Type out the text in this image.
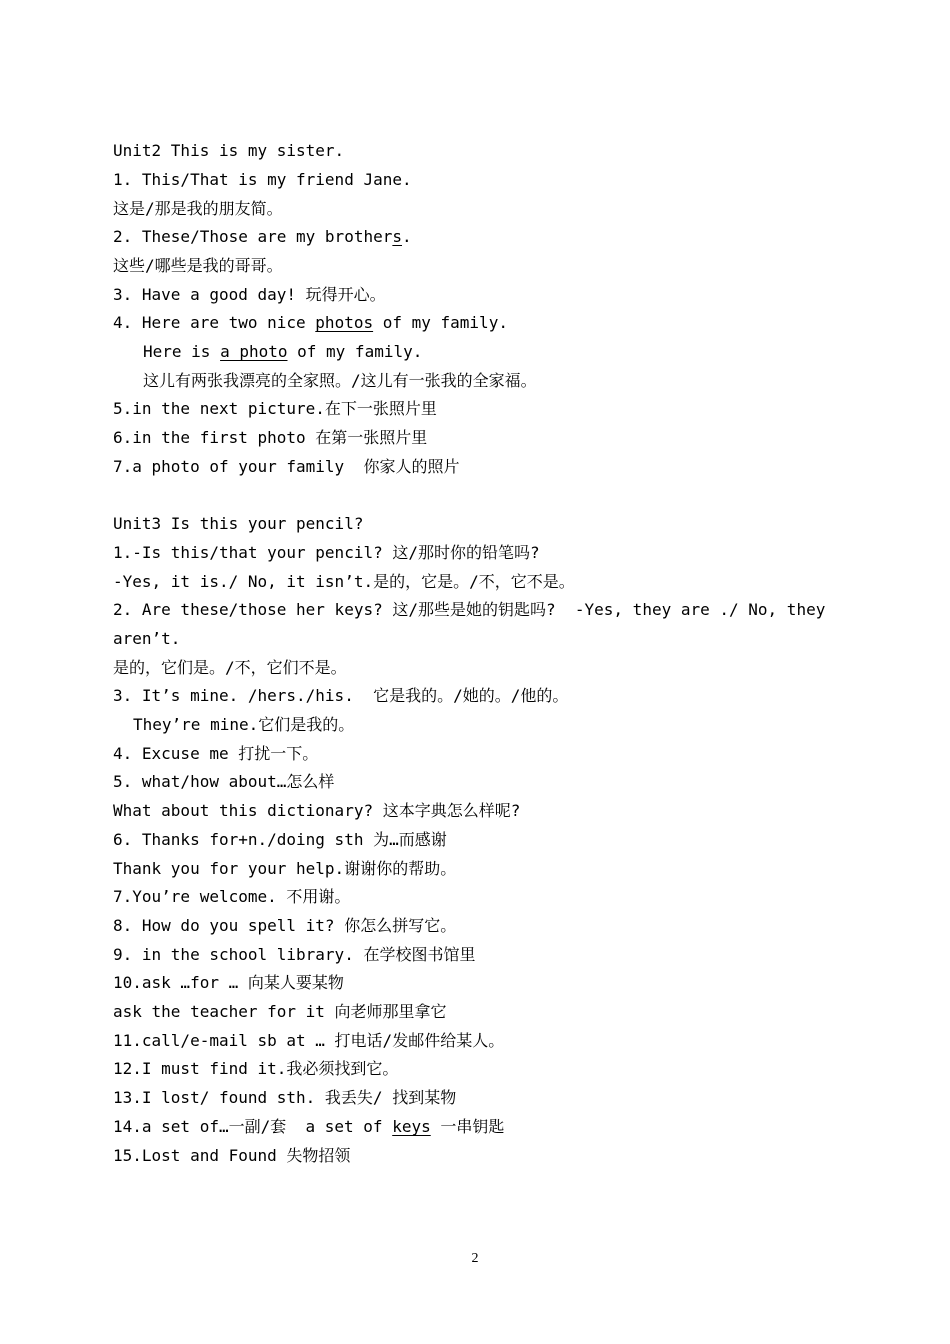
Unit2 This is my sister.
1. This/That is my friend Jane.
这是/那是我的朋友简。
2. These/Those are my brothers.
这些/哪些是我的哥哥。
3. Have a good day! 玩得开心。
4. Here are two nice photos of my family.
Here is a photo of my family.
这儿有两张我漂亮的全家照。/这儿有一张我的全家福。
5.in the next picture.在下一张照片里
6.in the first photo 在第一张照片里
7.a photo of your family  你家人的照片
Unit3 Is this your pencil?
1.-Is this/that your pencil? 这/那时你的铅笔吗?
-Yes, it is./ No, it isn’t.是的，它是。/不，它不是。
2. Are these/those her keys? 这/那些是她的钥匙吗?  -Yes, they are ./ No, they
aren’t.
是的，它们是。/不，它们不是。
3. It’s mine. /hers./his.  它是我的。/她的。/他的。
They’re mine.它们是我的。
4. Excuse me 打扰一下。
5. what/how about…怎么样
What about this dictionary? 这本字典怎么样呢?
6. Thanks for+n./doing sth 为…而感谢
Thank you for your help.谢谢你的帮助。
7.You’re welcome. 不用谢。
8. How do you spell it? 你怎么拼写它。
9. in the school library. 在学校图书馆里
10.ask …for … 向某人要某物
ask the teacher for it 向老师那里拿它
11.call/e-mail sb at … 打电话/发邮件给某人。
12.I must find it.我必须找到它。
13.I lost/ found sth. 我丢失/ 找到某物
14.a set of…一副/套  a set of keys 一串钥匙
15.Lost and Found 失物招领
2
